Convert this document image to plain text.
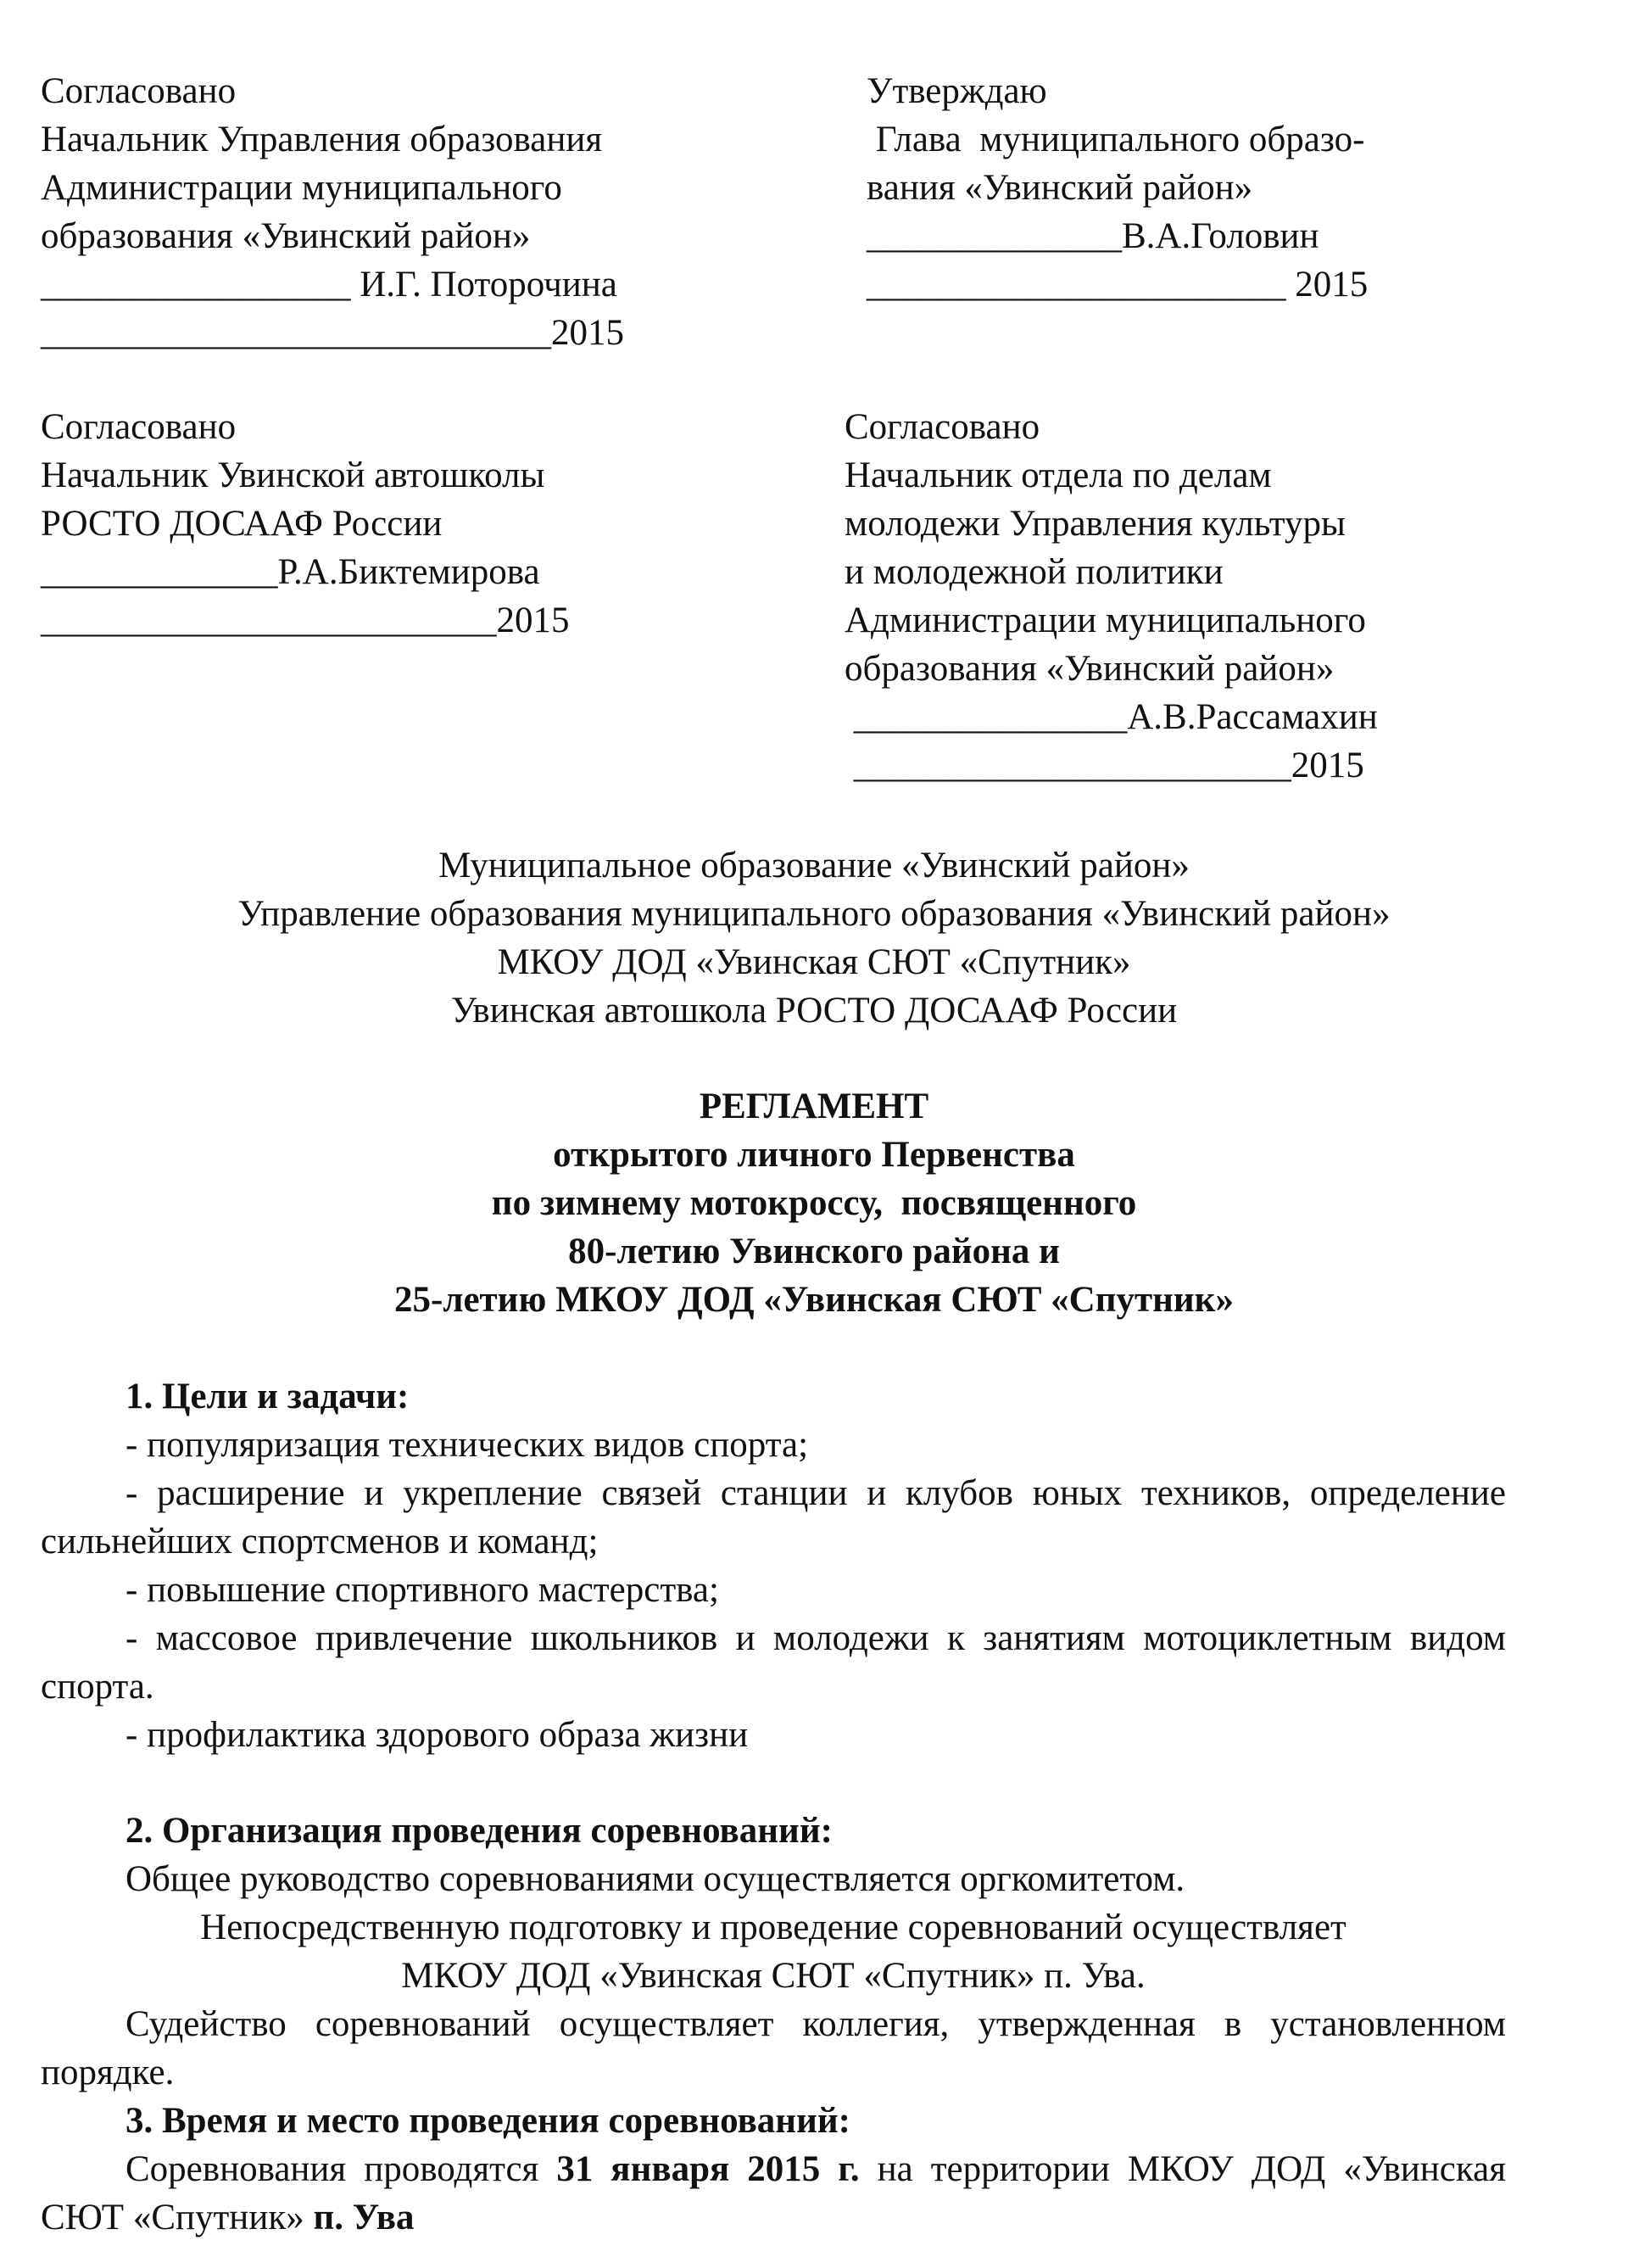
Согласовано
Начальник Управления образования
Администрации муниципального
образования «Увинский район»
_________________ И.Г. Поторочина
____________________________2015
Утверждаю
Глава  муниципального образо-
вания «Увинский район»
______________В.А.Головин
_______________________ 2015
Согласовано
Начальник Увинской автошколы
РОСТО ДОСААФ России
_____________Р.А.Биктемирова
_________________________2015
Согласовано
Начальник отдела по делам
молодежи Управления культуры
и молодежной политики
Администрации муниципального
образования «Увинский район»
_______________А.В.Рассамахин
________________________2015
Муниципальное образование «Увинский район»
Управление образования муниципального образования «Увинский район»
МКОУ ДОД «Увинская СЮТ «Спутник»
Увинская автошкола РОСТО ДОСААФ России
РЕГЛАМЕНТ
открытого личного Первенства
по зимнему мотокроссу,  посвященного
80-летию Увинского района и
25-летию МКОУ ДОД «Увинская СЮТ «Спутник»
1. Цели и задачи:
- популяризация технических видов спорта;
- расширение и укрепление связей станции и клубов юных техников, определение сильнейших спортсменов и команд;
- повышение спортивного мастерства;
- массовое привлечение школьников и молодежи к занятиям мотоциклетным видом спорта.
- профилактика здорового образа жизни
2. Организация проведения соревнований:
Общее руководство соревнованиями осуществляется оргкомитетом.
Непосредственную подготовку и проведение соревнований осуществляет
МКОУ ДОД «Увинская СЮТ «Спутник» п. Ува.
Судейство соревнований осуществляет коллегия, утвержденная в установленном порядке.
3. Время и место проведения соревнований:
Соревнования проводятся 31 января 2015 г. на территории МКОУ ДОД «Увинская СЮТ «Спутник» п. Ува
